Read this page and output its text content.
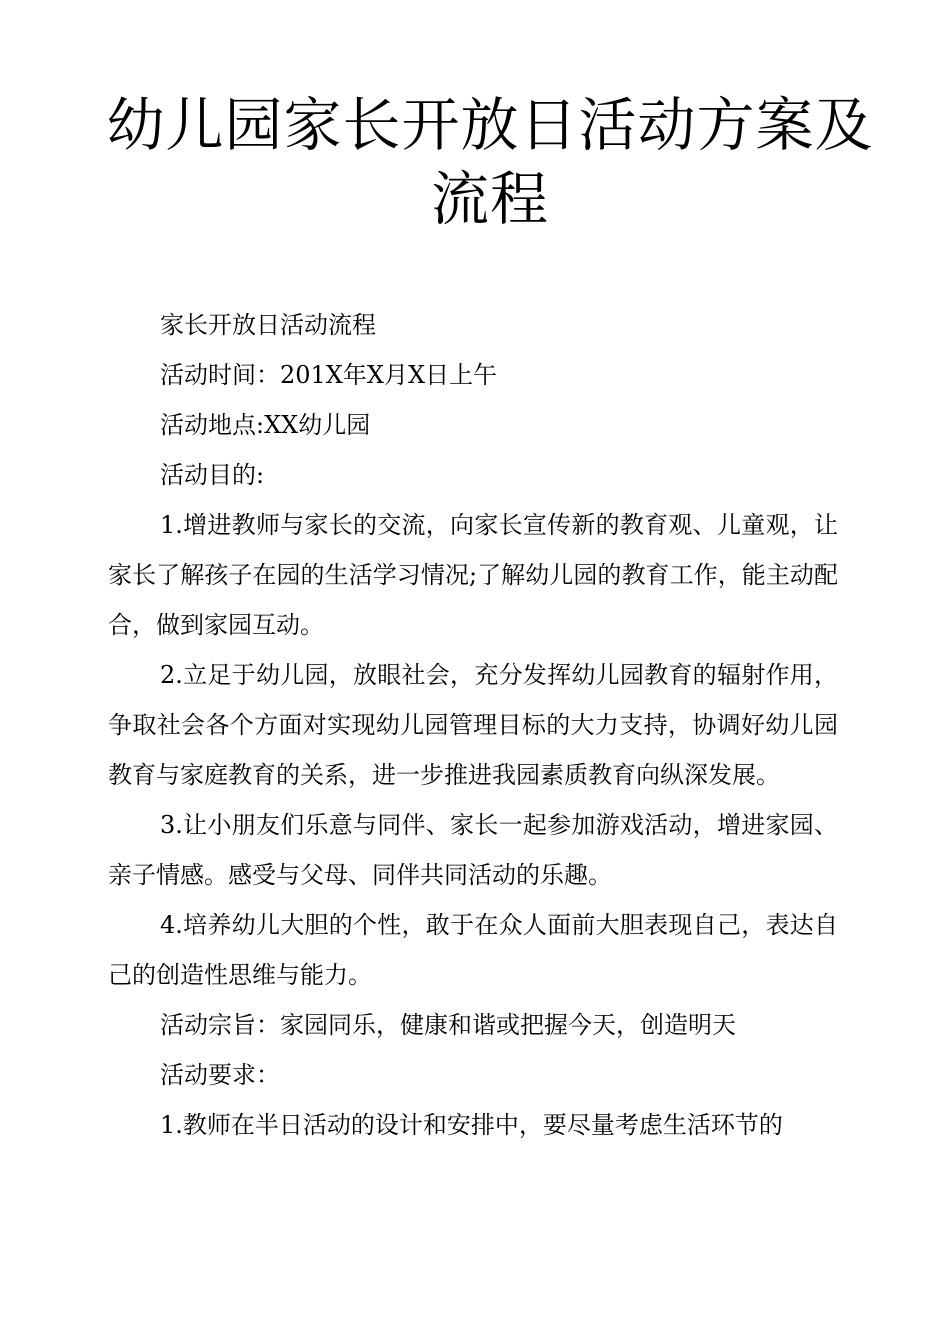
幼儿园家长开放日活动方案及流程

家长开放日活动流程

活动时间：201X年X月X日上午

活动地点:XX幼儿园

活动目的:

1.增进教师与家长的交流，向家长宣传新的教育观、儿童观，让家长了解孩子在园的生活学习情况;了解幼儿园的教育工作，能主动配合，做到家园互动。

2.立足于幼儿园，放眼社会，充分发挥幼儿园教育的辐射作用，争取社会各个方面对实现幼儿园管理目标的大力支持，协调好幼儿园教育与家庭教育的关系，进一步推进我园素质教育向纵深发展。

3.让小朋友们乐意与同伴、家长一起参加游戏活动，增进家园、亲子情感。感受与父母、同伴共同活动的乐趣。

4.培养幼儿大胆的个性，敢于在众人面前大胆表现自己，表达自己的创造性思维与能力。

活动宗旨：家园同乐，健康和谐或把握今天，创造明天

活动要求：

1.教师在半日活动的设计和安排中，要尽量考虑生活环节的
